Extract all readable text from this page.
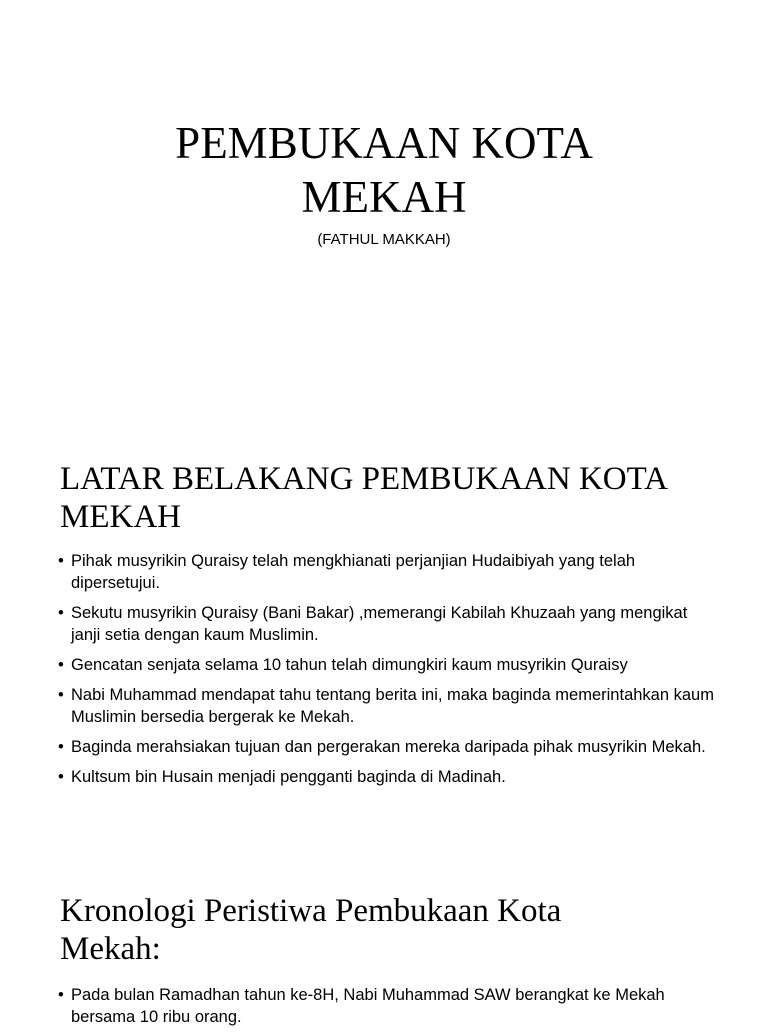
PEMBUKAAN KOTA
MEKAH
(FATHUL MAKKAH)
LATAR BELAKANG PEMBUKAAN KOTA
MEKAH
• Pihak musyrikin Quraisy telah mengkhianati perjanjian Hudaibiyah yang telah dipersetujui.
• Sekutu musyrikin Quraisy (Bani Bakar) ,memerangi Kabilah Khuzaah yang mengikat janji setia dengan kaum Muslimin.
• Gencatan senjata selama 10 tahun telah dimungkiri kaum musyrikin Quraisy
• Nabi Muhammad mendapat tahu tentang berita ini, maka baginda memerintahkan kaum Muslimin bersedia bergerak ke Mekah.
• Baginda merahsiakan tujuan dan pergerakan mereka daripada pihak musyrikin Mekah.
• Kultsum bin Husain menjadi pengganti baginda di Madinah.
Kronologi Peristiwa Pembukaan Kota
Mekah:
• Pada bulan Ramadhan tahun ke-8H, Nabi Muhammad SAW berangkat ke Mekah bersama 10 ribu orang.
